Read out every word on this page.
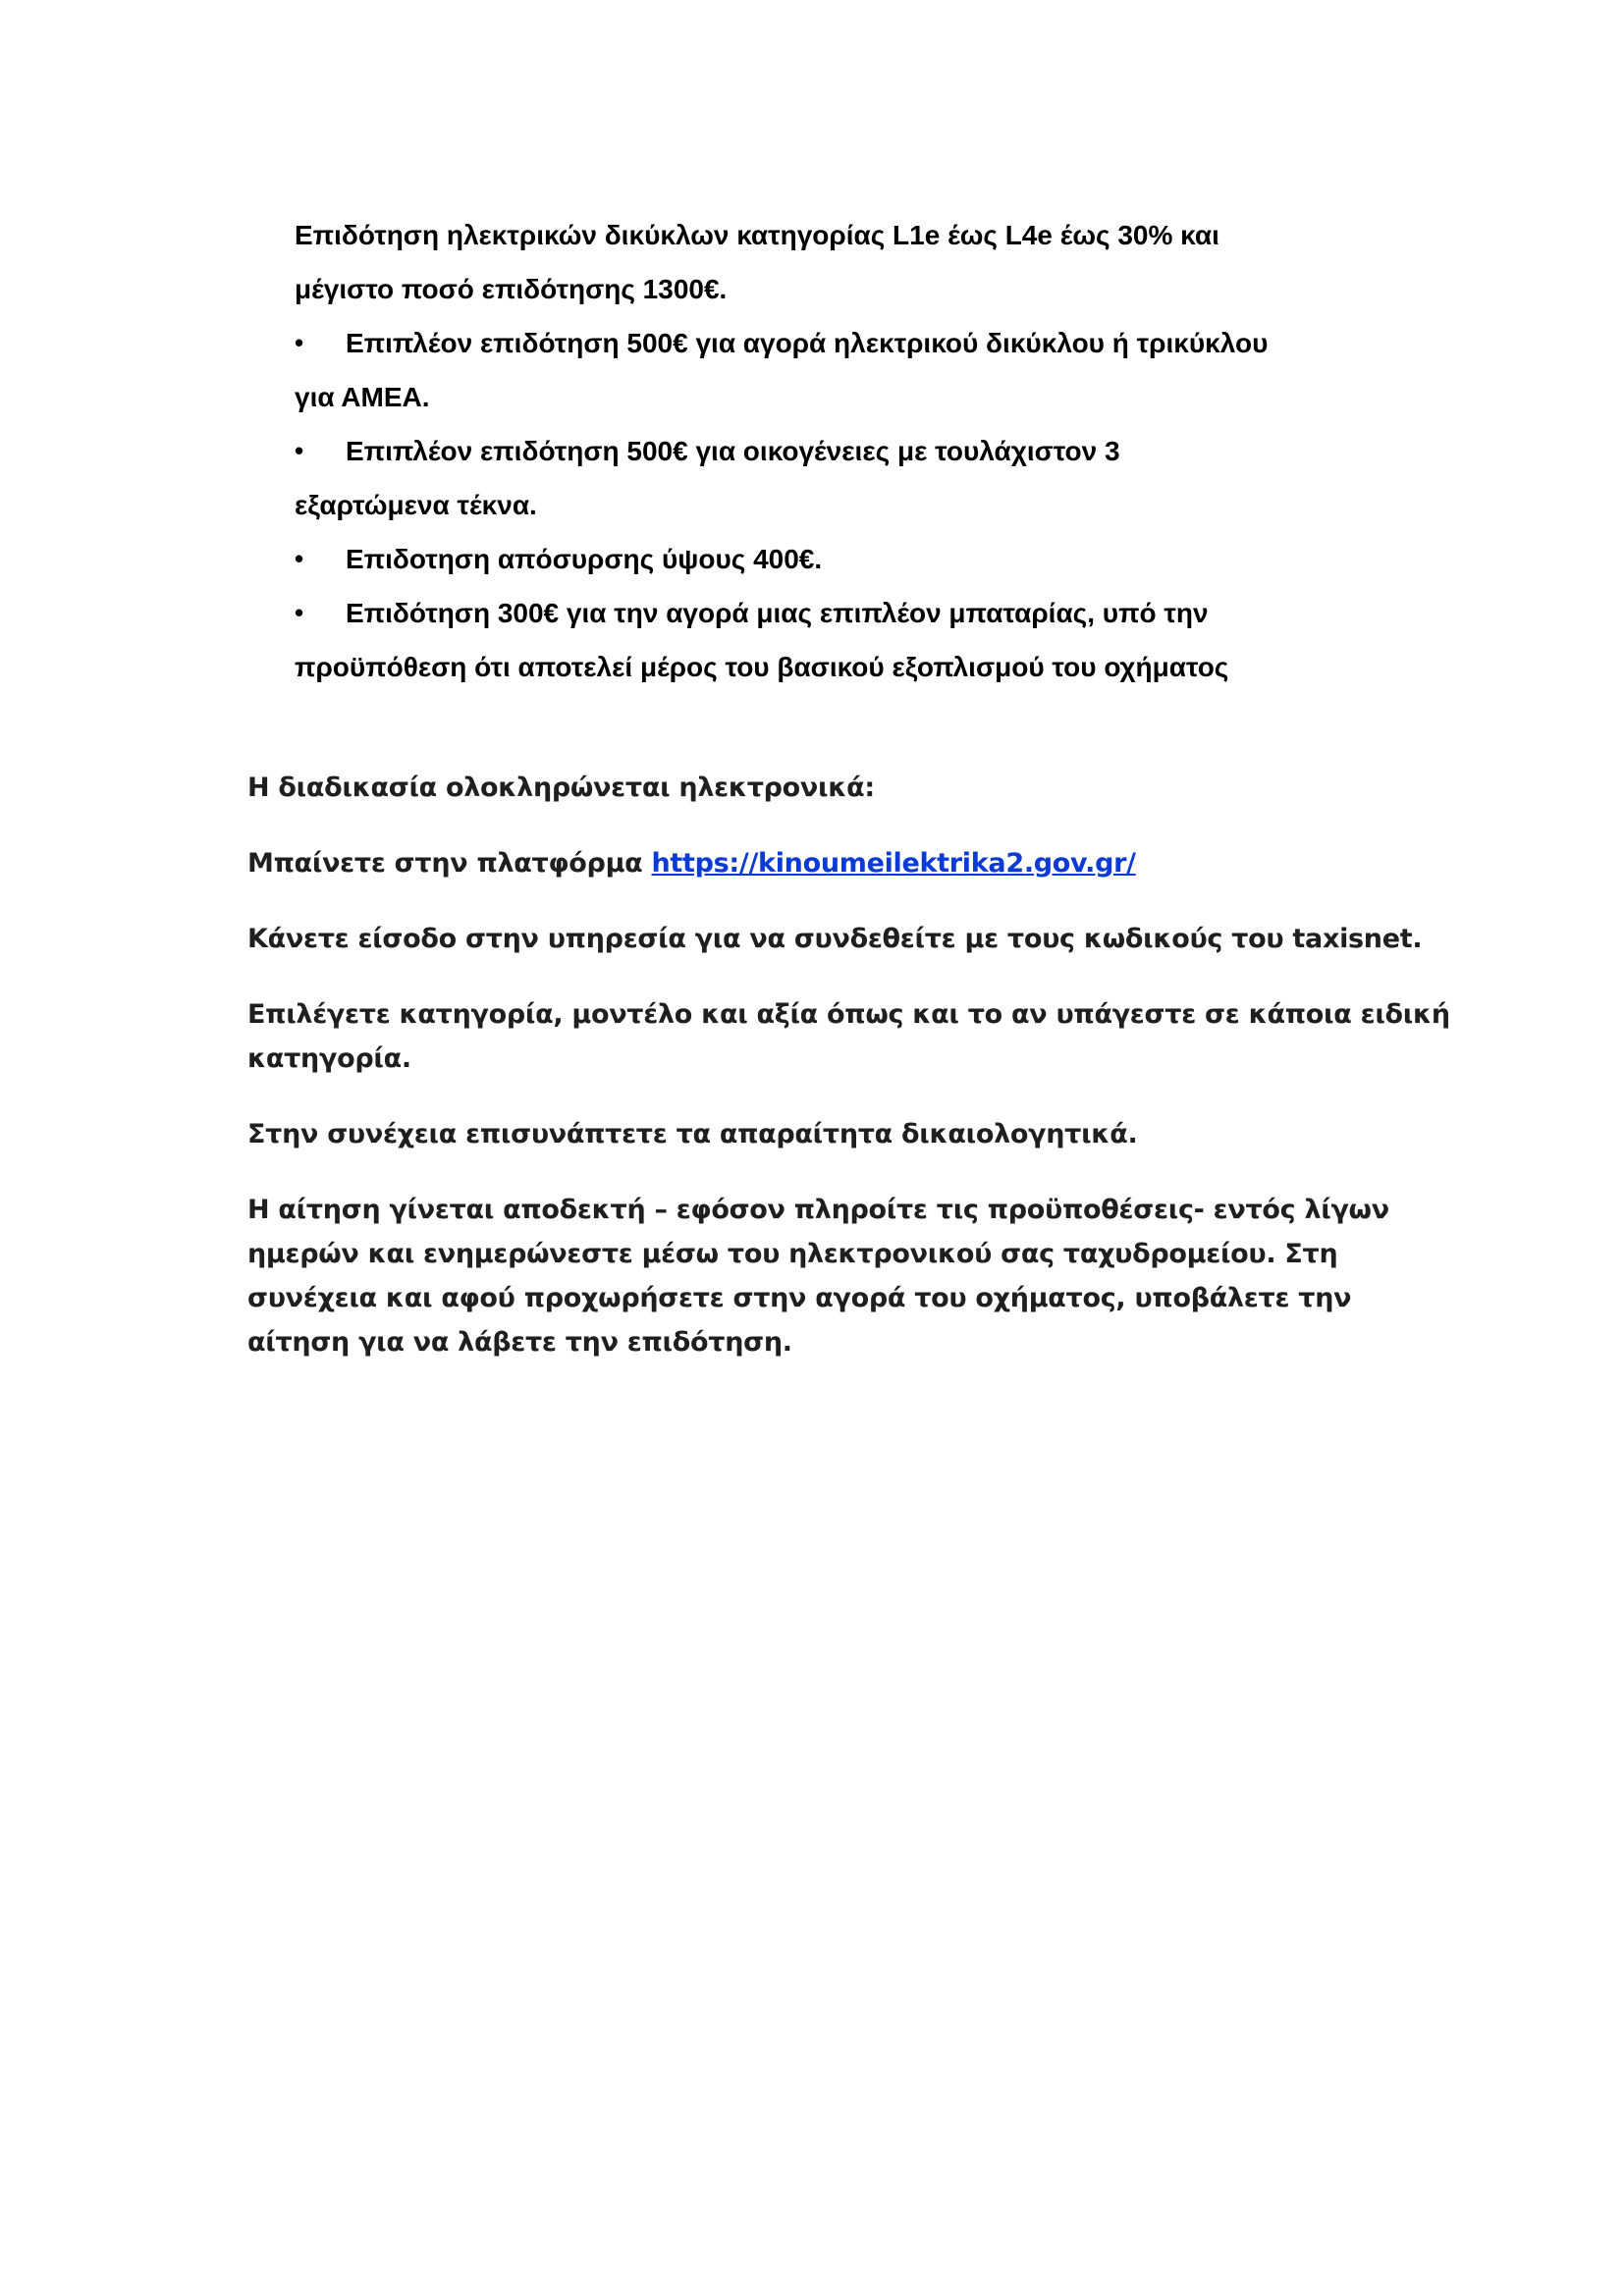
Επιδότηση ηλεκτρικών δικύκλων κατηγορίας L1e έως L4e έως 30% και
μέγιστο ποσό επιδότησης 1300€.
•	Επιπλέον επιδότηση 500€ για αγορά ηλεκτρικού δικύκλου ή τρικύκλου
για ΑΜΕΑ.
•	Επιπλέον επιδότηση 500€ για οικογένειες με τουλάχιστον 3
εξαρτώμενα τέκνα.
•	Επιδοτηση απόσυρσης ύψους 400€.
•	Επιδότηση 300€ για την αγορά μιας επιπλέον μπαταρίας, υπό την
προϋπόθεση ότι αποτελεί μέρος του βασικού εξοπλισμού του οχήματος

Η διαδικασία ολοκληρώνεται ηλεκτρονικά:

Μπαίνετε στην πλατφόρμα https://kinoumeilektrika2.gov.gr/

Κάνετε είσοδο στην υπηρεσία για να συνδεθείτε με τους κωδικούς του taxisnet.

Επιλέγετε κατηγορία, μοντέλο και αξία όπως και το αν υπάγεστε σε κάποια ειδική
κατηγορία.

Στην συνέχεια επισυνάπτετε τα απαραίτητα δικαιολογητικά.

Η αίτηση γίνεται αποδεκτή – εφόσον πληροίτε τις προϋποθέσεις- εντός λίγων
ημερών και ενημερώνεστε μέσω του ηλεκτρονικού σας ταχυδρομείου. Στη
συνέχεια και αφού προχωρήσετε στην αγορά του οχήματος, υποβάλετε την
αίτηση για να λάβετε την επιδότηση.
